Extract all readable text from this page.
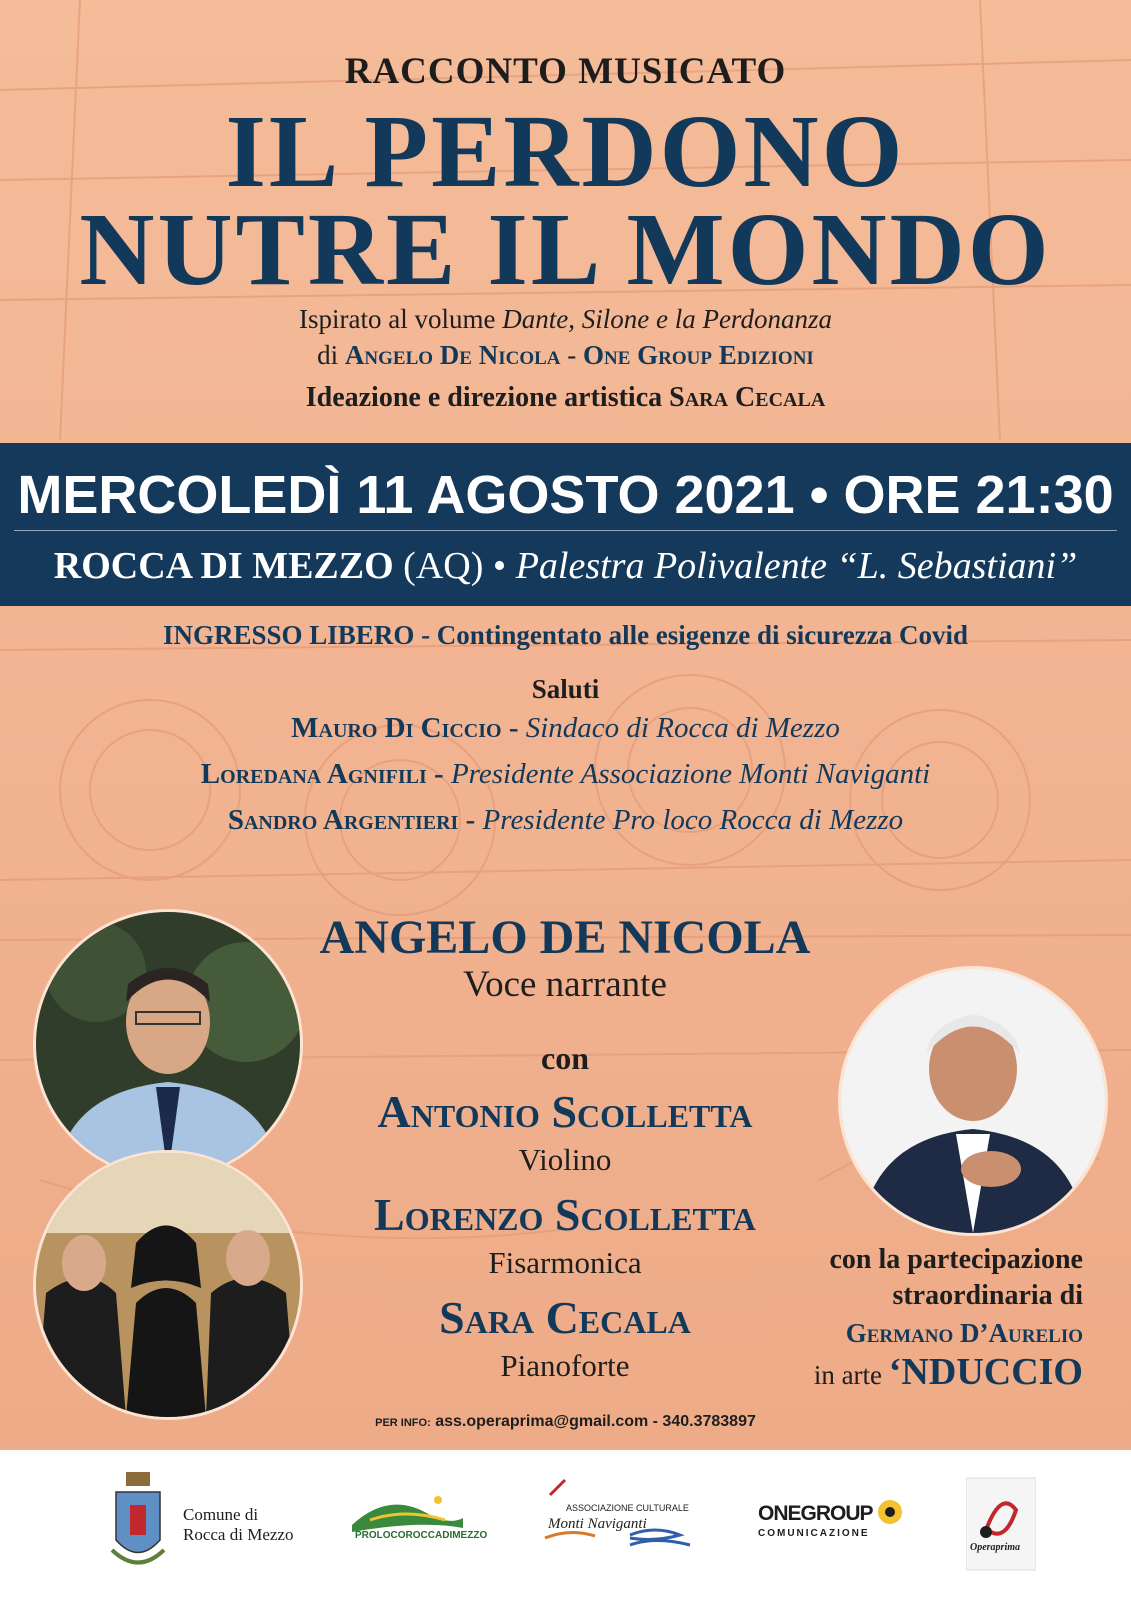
RACCONTO MUSICATO
IL PERDONO
NUTRE IL MONDO
Ispirato al volume Dante, Silone e la Perdonanza
di Angelo De Nicola - One Group Edizioni
Ideazione e direzione artistica Sara Cecala
MERCOLEDÌ 11 AGOSTO 2021 • ORE 21:30
ROCCA DI MEZZO (AQ) • Palestra Polivalente “L. Sebastiani”
INGRESSO LIBERO - Contingentato alle esigenze di sicurezza Covid
Saluti
Mauro Di Ciccio - Sindaco di Rocca di Mezzo
Loredana Agnifili - Presidente Associazione Monti Naviganti
Sandro Argentieri - Presidente Pro loco Rocca di Mezzo
ANGELO DE NICOLA
Voce narrante
con
Antonio Scolletta
Violino
Lorenzo Scolletta
Fisarmonica
Sara Cecala
Pianoforte
con la partecipazione
straordinaria di
Germano D’Aurelio
in arte ‘NDUCCIO
PER INFO: ass.operaprima@gmail.com - 340.3783897
Comune di
Rocca di Mezzo	PROLOCOROCCADIMEZZO
ASSOCIAZIONE CULTURALE
Monti Naviganti	ONEGROUP
COMUNICAZIONE
Operaprima
